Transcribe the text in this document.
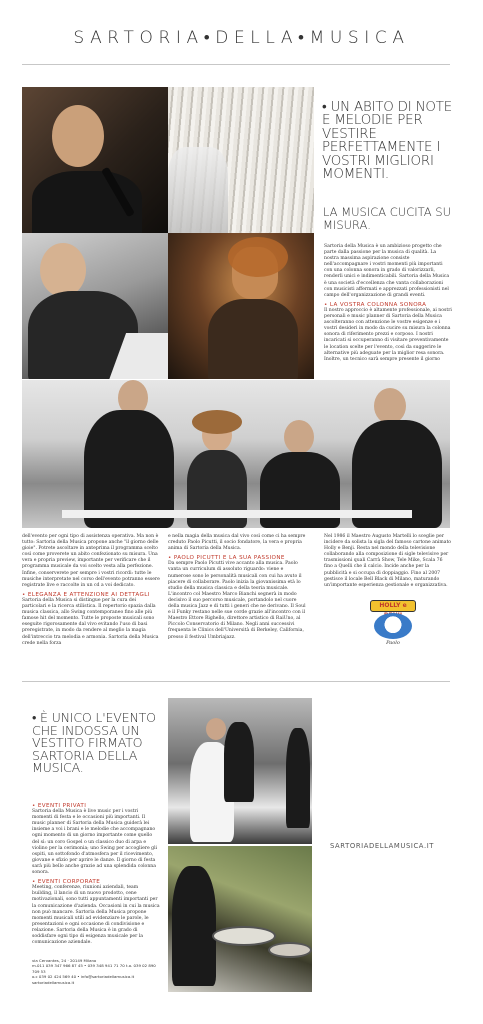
SARTORIA•DELLA•MUSICA
• UN ABITO DI NOTE E MELODIE PER VESTIRE PERFETTAMENTE I VOSTRI MIGLIORI MOMENTI.
LA MUSICA CUCITA SU MISURA.

Sartoria della Musica è un ambizioso progetto che parte dalla passione per la musica di qualità. La nostra massima aspirazione consiste nell'accompagnare i vostri momenti più importanti con una colonna sonora in grado di valorizzarli, renderli unici e indimenticabili. Sartoria della Musica è una società d'eccellenza che vanta collaborazioni con musicisti affermati e apprezzati professionisti nel campo dell'organizzazione di grandi eventi.

• LA VOSTRA COLONNA SONORA

Il nostro approccio è altamente professionale, ai nostri personali e music planner di Sartoria della Musica ascolteranno con attenzione le vostre esigenze e i vostri desideri in modo da cucire su misura la colonna sonora di riferimento prezzi e corposo. I nostri incaricati si occuperanno di visitare preventivamente le location scelte per l'evento, così da suggerire le alternative più adeguate per la miglior resa sonora. Inoltre, un tecnico sarà sempre presente il giorno

dell'evento per ogni tipo di assistenza operativa. Ma non è tutto: Sartoria della Musica propone anche "il giorno delle gioie". Potrete ascoltare in anteprima il programma scelto così come proverete un abito confezionato su misura. Una vera e propria preview, importante per verificare che il programma musicale da voi scelto vesta alla perfezione. Infine, conserverete per sempre i vostri ricordi: tutte le musiche interpretate nel corso dell'evento potranno essere registrate live e raccolte in un cd a voi dedicato.

• ELEGANZA E ATTENZIONE AI DETTAGLI

Sartoria della Musica si distingue per la cura dei particolari e la ricerca stilistica. Il repertorio spazia dalla musica classica, allo Swing contemporaneo fino alle più famose hit del momento. Tutte le proposte musicali sono eseguite rigorosamente dal vivo evitando l'uso di basi preregistrate, in modo da rendere al meglio la magia dell'intreccio tra melodia e armonia. Sartoria della Musica crede nella forza

e nella magia della musica dal vivo così come ci ha sempre creduto Paolo Picutti, il socio fondatore, la vera e propria anima di Sartoria della Musica.

• PAOLO PICUTTI E LA SUA PASSIONE

Da sempre Paolo Picutti vive accanto alla musica. Paolo vanta un curriculum di assoluto riguardo: viene e numerose sono le personalità musicali con cui ha avuto il piacere di collaborare. Paolo inizia la giovanissima età lo studio della musica classica e della teoria musicale. L'incontro col Maestro Marco Bianchi segnerà in modo decisivo il suo percorso musicale, portandolo nel cuore della musica Jazz e di tutti i generi che ne derivano. Il Soul e il Funky restano nelle sue corde grazie all'incontro con il Maestro Ettore Righello, direttore artistico di RaiUno, al Piccolo Conservatorio di Milano. Negli anni successivi frequenta le Clinics dell'Università di Berkeley, California, presso il festival Umbriajazz.

Nel 1986 il Maestro Augusto Martelli lo sceglie per incidere da solista la sigla del famoso cartone animato Holly e Benji. Resta nel mondo della televisione collaborando alla composizione di sigle televisive per trasmissioni quali Carrà Show, Tele Mike, Scala 76 fino a Quelli che il calcio. Incide anche per la pubblicità e si occupa di doppiaggio. Fino al 2007 gestisce il locale Bell Black di Milano, maturando un'importante esperienza gestionale e organizzativa.

HOLLY e
Paolo
• È UNICO L'EVENTO CHE INDOSSA UN VESTITO FIRMATO SARTORIA DELLA MUSICA.
• EVENTI PRIVATI

Sartoria della Musica è live music per i vostri momenti di festa e le occasioni più importanti. Il music planner di Sartoria della Musica guiderà lei insieme a voi i brani e le melodie che accompagnano ogni momento di un giorno importante come quello del sì: un coro Gospel o un classico duo di arpa e violino per la cerimonia; uno Swing per accogliere gli ospiti, un sottofondo d'atmosfera per il ricevimento, giovane e sfizio per aprire le danze. Il giorno di festa sarà più bello anche grazie ad una splendida colonna sonora.

• EVENTI CORPORATE

Meeting, conferenze, riunioni aziendali, team building, il lancio di un nuovo prodotto, cene motivazionali, sono tutti appuntamenti importanti per la comunicazione d'azienda. Occasioni in cui la musica non può mancare. Sartoria della Musica propone momenti musicali utili ad evidenziare le parole, le presentazioni e ogni occasione di condivisione e relazione. Sartoria della Musica è in grado di soddisfare ogni tipo di esigenza musicale per la comunicazione aziendale.

via Cervantes, 24 · 20149 Milano
m.011 039 347 966 87 45 • 039 348 941 71 70 t.o. 039 02 890 709 53
o.c 039 02 424 569 40 • info@sartoriadellamusica.it
sartoriadellamusica.it
SARTORIADELLAMUSICA.IT
